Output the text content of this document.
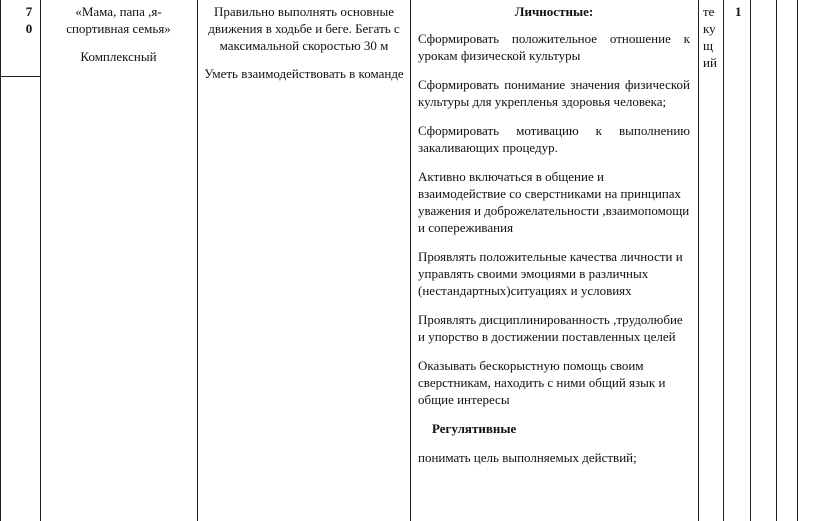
7
0

«Мама, папа ,я-спортивная семья»

Комплексный

Правильно выполнять основные движения в ходьбе и беге. Бегать с максимальной скоростью 30 м

Уметь взаимодействовать в команде

Личностные:

Сформировать положительное отношение к урокам физической культуры

Сформировать понимание значения физической культуры для укрепленья здоровья человека;

Сформировать мотивацию к выполнению закаливающих процедур.

Активно включаться в общение и взаимодействие со сверстниками на принципах уважения и доброжелательности ,взаимопомощи и сопереживания

Проявлять положительные качества личности и управлять своими эмоциями в различных (нестандартных)ситуациях и условиях

Проявлять дисциплинированность ,трудолюбие и упорство в достижении поставленных целей

Оказывать бескорыстную помощь своим сверстникам, находить с ними общий язык и общие интересы

Регулятивные

понимать цель выполняемых действий;

те
ку
щ
ий
1
